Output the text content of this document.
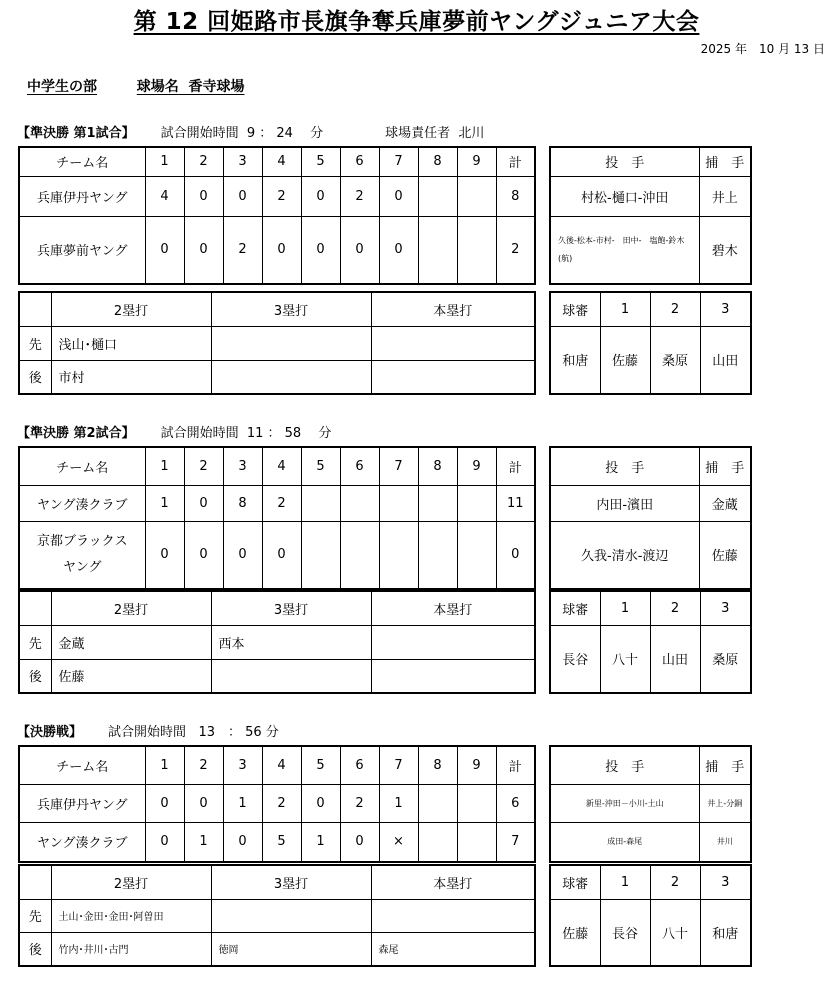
第 12 回姫路市長旗争奪兵庫夢前ヤングジュニア大会
2025 年　10 月 13 日
中学生の部	球場名 香寺球場
【準決勝 第1試合】 試合開始時間 9 ： 24　 分	球場責任者 北川
チーム名	1	2	3	4	5	6	7	8	9	計
兵庫伊丹ヤング	4	0	0	2	0	2	0			8
兵庫夢前ヤング	0	0	2	0	0	0	0			2
	2塁打	3塁打	本塁打
先	浅山･樋口		
後	市村		
投　手	捕　手
村松-樋口-沖田	井上
久後-松本-市村-　田中-　塩飽-鈴木(航)	碧木
球審	1	2	3
和唐	佐藤	桑原	山田
【準決勝 第2試合】 試合開始時間 11 ： 58　 分
チーム名	1	2	3	4	5	6	7	8	9	計
ヤング湊クラブ	1	0	8	2						11
京都ブラックス ヤング	0	0	0	0						0
	2塁打	3塁打	本塁打
先	金蔵	西本	
後	佐藤		
投　手	捕　手
内田-濱田	金蔵
久我-清水-渡辺	佐藤
球審	1	2	3
長谷	八十	山田	桑原
【決勝戦】 試合開始時間 13　： 56 分
チーム名	1	2	3	4	5	6	7	8	9	計
兵庫伊丹ヤング	0	0	1	2	0	2	1			6
ヤング湊クラブ	0	1	0	5	1	0	×			7
	2塁打	3塁打	本塁打
先	土山･金田･金田･阿曽田		
後	竹内･井川･古門	徳岡	森尾
投　手	捕　手
新里-沖田－小川-土山	井上-分銅
成田-森尾	井川
球審	1	2	3
佐藤	長谷	八十	和唐
